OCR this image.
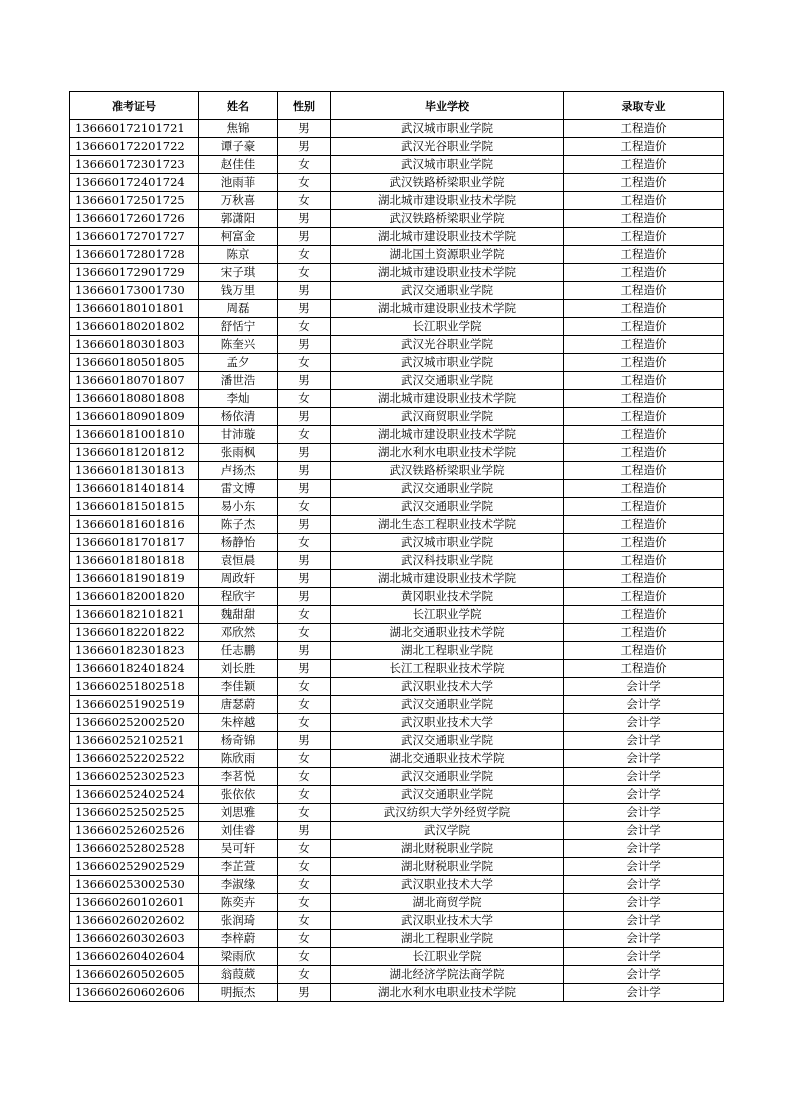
准考证号	姓名	性别	毕业学校	录取专业
136660172101721	焦锦	男	武汉城市职业学院	工程造价
136660172201722	谭子豪	男	武汉光谷职业学院	工程造价
136660172301723	赵佳佳	女	武汉城市职业学院	工程造价
136660172401724	池雨菲	女	武汉铁路桥梁职业学院	工程造价
136660172501725	万秋喜	女	湖北城市建设职业技术学院	工程造价
136660172601726	郭潇阳	男	武汉铁路桥梁职业学院	工程造价
136660172701727	柯富金	男	湖北城市建设职业技术学院	工程造价
136660172801728	陈京	女	湖北国土资源职业学院	工程造价
136660172901729	宋子琪	女	湖北城市建设职业技术学院	工程造价
136660173001730	钱万里	男	武汉交通职业学院	工程造价
136660180101801	周磊	男	湖北城市建设职业技术学院	工程造价
136660180201802	舒恬宁	女	长江职业学院	工程造价
136660180301803	陈奎兴	男	武汉光谷职业学院	工程造价
136660180501805	孟夕	女	武汉城市职业学院	工程造价
136660180701807	潘世浩	男	武汉交通职业学院	工程造价
136660180801808	李灿	女	湖北城市建设职业技术学院	工程造价
136660180901809	杨依清	男	武汉商贸职业学院	工程造价
136660181001810	甘沛璇	女	湖北城市建设职业技术学院	工程造价
136660181201812	张雨枫	男	湖北水利水电职业技术学院	工程造价
136660181301813	卢扬杰	男	武汉铁路桥梁职业学院	工程造价
136660181401814	雷文博	男	武汉交通职业学院	工程造价
136660181501815	易小东	女	武汉交通职业学院	工程造价
136660181601816	陈子杰	男	湖北生态工程职业技术学院	工程造价
136660181701817	杨静怡	女	武汉城市职业学院	工程造价
136660181801818	袁恒晨	男	武汉科技职业学院	工程造价
136660181901819	周政轩	男	湖北城市建设职业技术学院	工程造价
136660182001820	程欣宇	男	黄冈职业技术学院	工程造价
136660182101821	魏甜甜	女	长江职业学院	工程造价
136660182201822	邓欣然	女	湖北交通职业技术学院	工程造价
136660182301823	任志鹏	男	湖北工程职业学院	工程造价
136660182401824	刘长胜	男	长江工程职业技术学院	工程造价
136660251802518	李佳颖	女	武汉职业技术大学	会计学
136660251902519	唐瑟蔚	女	武汉交通职业学院	会计学
136660252002520	朱梓越	女	武汉职业技术大学	会计学
136660252102521	杨奇锦	男	武汉交通职业学院	会计学
136660252202522	陈欣雨	女	湖北交通职业技术学院	会计学
136660252302523	李茗悦	女	武汉交通职业学院	会计学
136660252402524	张依依	女	武汉交通职业学院	会计学
136660252502525	刘思雅	女	武汉纺织大学外经贸学院	会计学
136660252602526	刘佳睿	男	武汉学院	会计学
136660252802528	吴可轩	女	湖北财税职业学院	会计学
136660252902529	李芷萱	女	湖北财税职业学院	会计学
136660253002530	李淑缘	女	武汉职业技术大学	会计学
136660260102601	陈奕卉	女	湖北商贸学院	会计学
136660260202602	张润琦	女	武汉职业技术大学	会计学
136660260302603	李梓蔚	女	湖北工程职业学院	会计学
136660260402604	梁雨欣	女	长江职业学院	会计学
136660260502605	翁葭葳	女	湖北经济学院法商学院	会计学
136660260602606	明振杰	男	湖北水利水电职业技术学院	会计学
